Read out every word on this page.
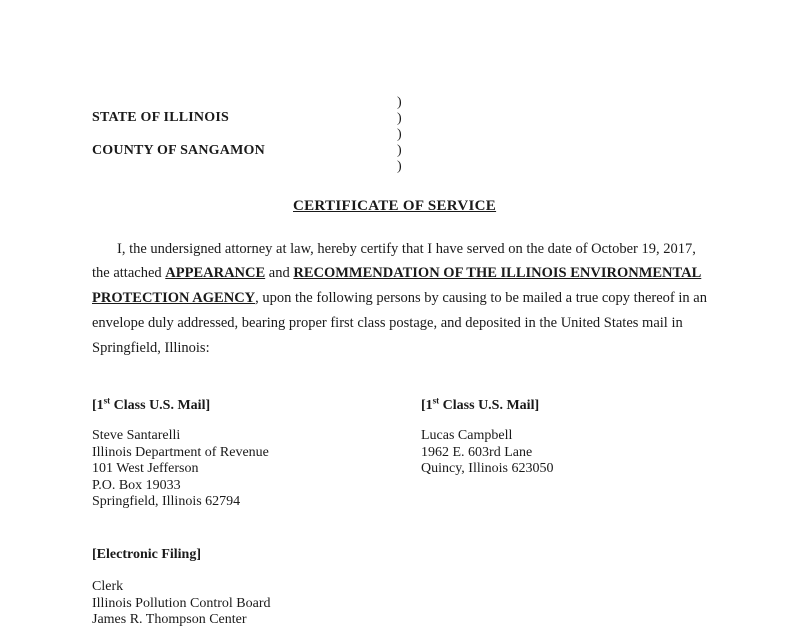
STATE OF ILLINOIS
COUNTY OF SANGAMON
)
)
)
)
)
CERTIFICATE OF SERVICE
I, the undersigned attorney at law, hereby certify that I have served on the date of October 19, 2017,
the attached APPEARANCE and RECOMMENDATION OF THE ILLINOIS ENVIRONMENTAL
PROTECTION AGENCY, upon the following persons by causing to be mailed a true copy thereof in an
envelope duly addressed, bearing proper first class postage, and deposited in the United States mail in
Springfield, Illinois:
[1st Class U.S. Mail]
Steve Santarelli
Illinois Department of Revenue
101 West Jefferson
P.O. Box 19033
Springfield, Illinois 62794
[1st Class U.S. Mail]
Lucas Campbell
1962 E. 603rd Lane
Quincy, Illinois 623050
[Electronic Filing]
Clerk
Illinois Pollution Control Board
James R. Thompson Center
